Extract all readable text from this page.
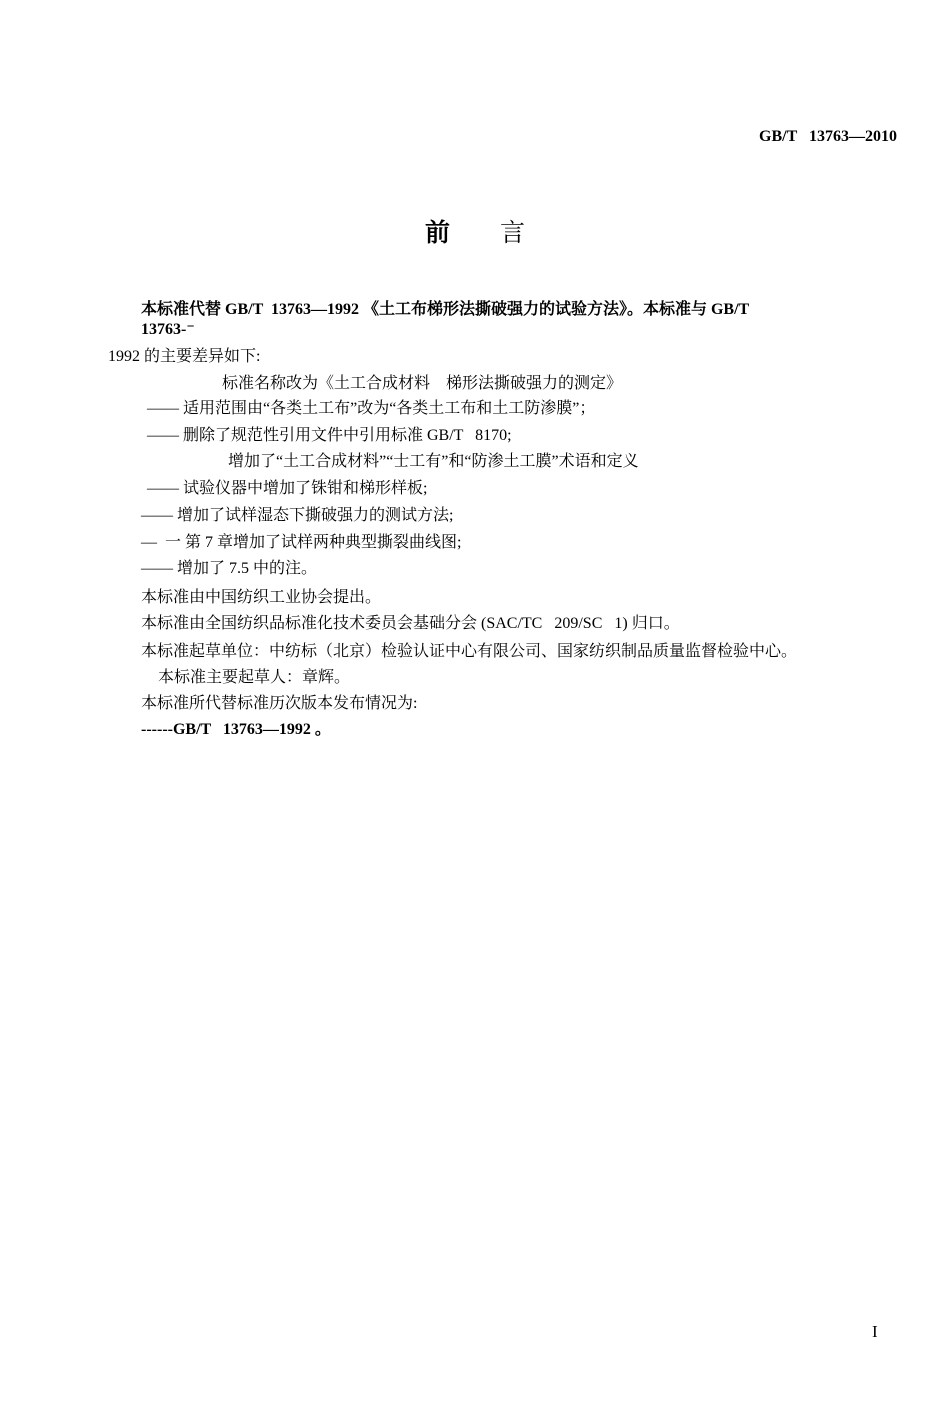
GB/T   13763—2010
前言
本标准代替 GB/T  13763—1992 《土工布梯形法撕破强力的试验方法》。本标准与 GB/T
13763-⁻
1992 的主要差异如下:
标准名称改为《土工合成材料    梯形法撕破强力的测定》
—— 适用范围由“各类土工布”改为“各类土工布和土工防渗膜”；
—— 删除了规范性引用文件中引用标准 GB/T   8170;
增加了“土工合成材料”“士工有”和“防渗土工膜”术语和定义
—— 试验仪器中增加了铢钳和梯形样板;
—— 增加了试样湿态下撕破强力的测试方法;
—  一 第 7 章增加了试样两种典型撕裂曲线图;
—— 增加了 7.5 中的注。
本标准由中国纺织工业协会提出。
本标准由全国纺织品标准化技术委员会基础分会 (SAC/TC   209/SC   1) 归口。
本标准起草单位：中纺标（北京）检验认证中心有限公司、国家纺织制品质量监督检验中心。
本标准主要起草人：章辉。
本标准所代替标准历次版本发布情况为:
------GB/T   13763—1992 。
I
